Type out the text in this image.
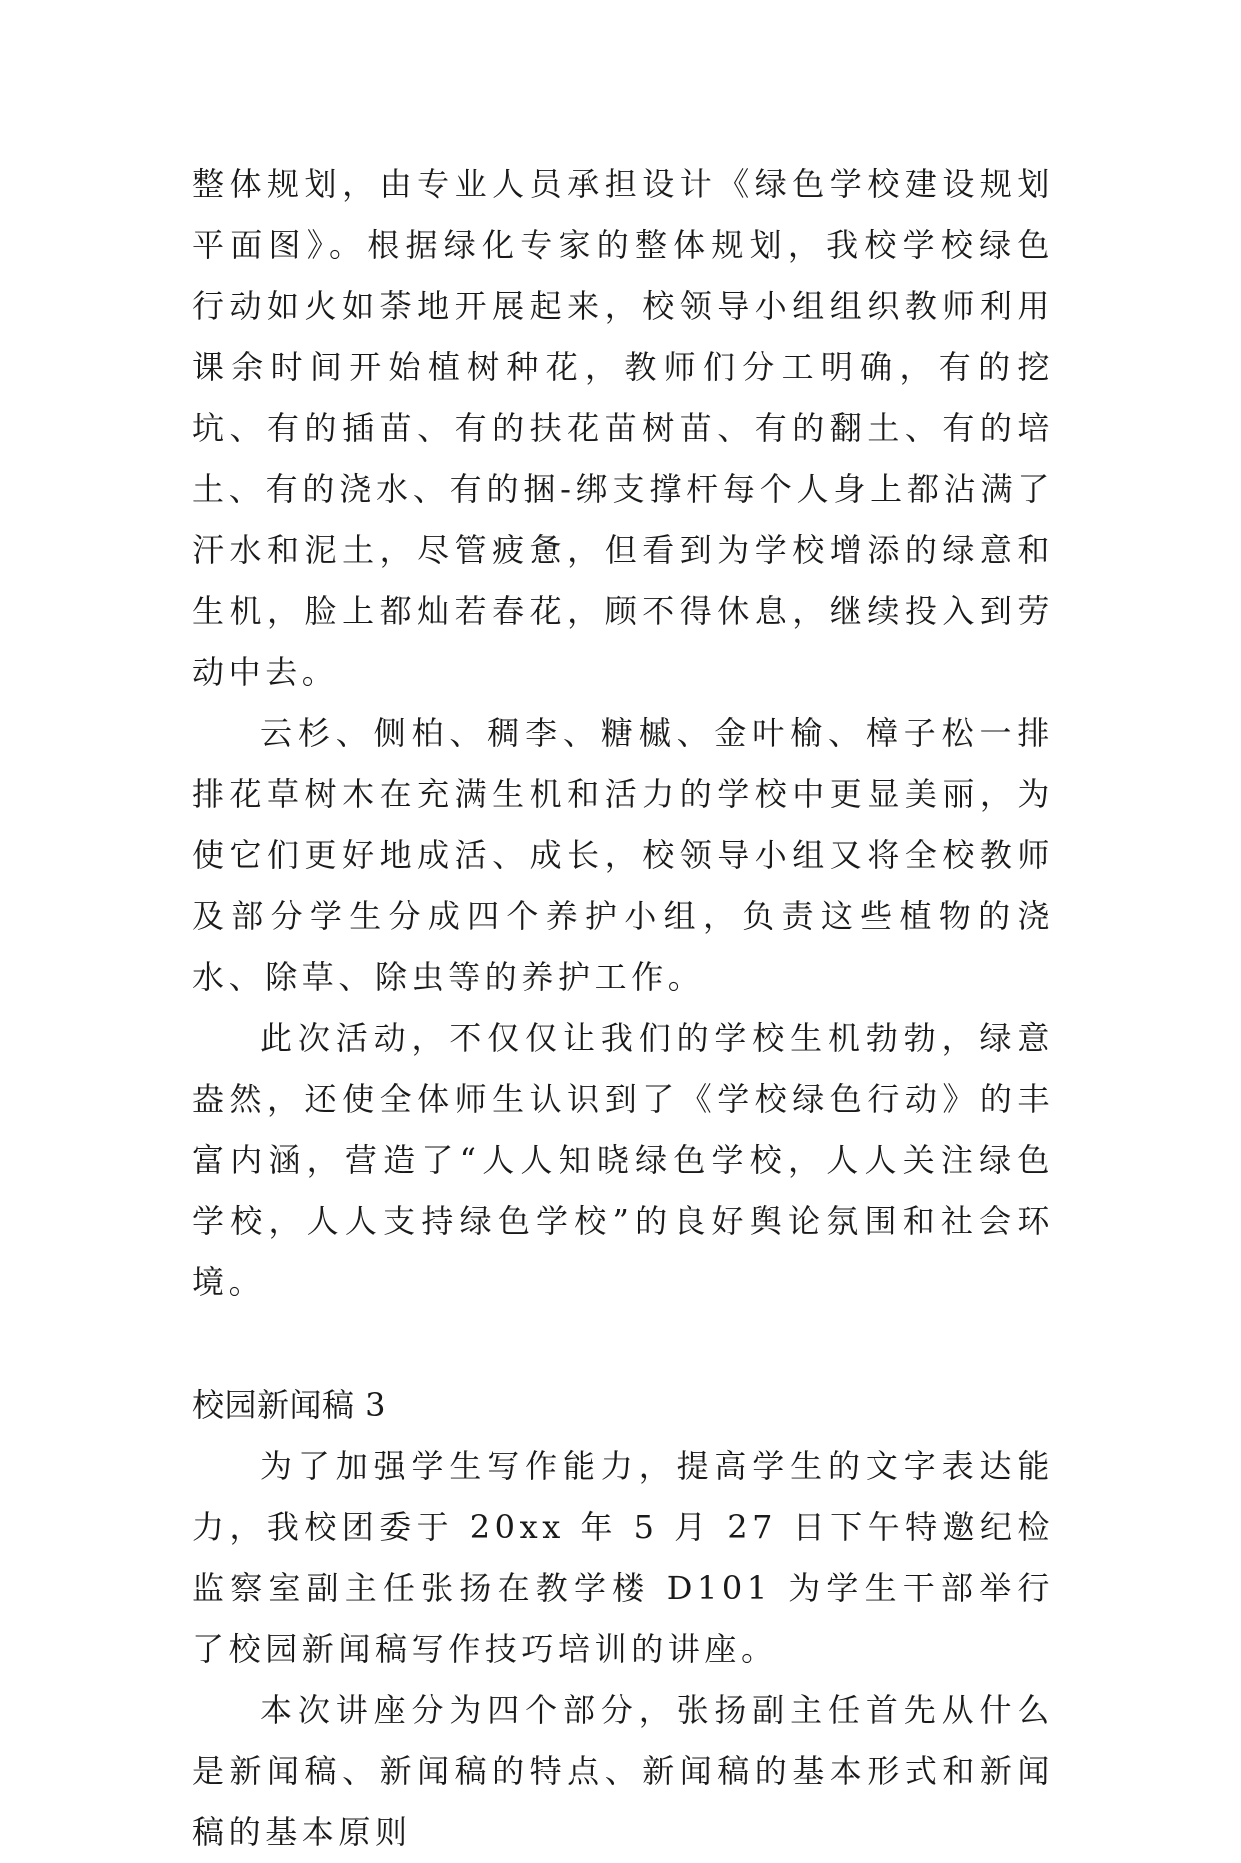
整体规划，由专业人员承担设计《绿色学校建设规划平面图》。根据绿化专家的整体规划，我校学校绿色行动如火如荼地开展起来，校领导小组组织教师利用课余时间开始植树种花，教师们分工明确，有的挖坑、有的插苗、有的扶花苗树苗、有的翻土、有的培土、有的浇水、有的捆-绑支撑杆每个人身上都沾满了汗水和泥土，尽管疲惫，但看到为学校增添的绿意和生机，脸上都灿若春花，顾不得休息，继续投入到劳动中去。

云杉、侧柏、稠李、糖槭、金叶榆、樟子松一排排花草树木在充满生机和活力的学校中更显美丽，为使它们更好地成活、成长，校领导小组又将全校教师及部分学生分成四个养护小组，负责这些植物的浇水、除草、除虫等的养护工作。

此次活动，不仅仅让我们的学校生机勃勃，绿意盎然，还使全体师生认识到了《学校绿色行动》的丰富内涵，营造了“人人知晓绿色学校，人人关注绿色学校，人人支持绿色学校”的良好舆论氛围和社会环境。

校园新闻稿 3

为了加强学生写作能力，提高学生的文字表达能力，我校团委于 20xx 年 5 月 27 日下午特邀纪检监察室副主任张扬在教学楼 D101 为学生干部举行了校园新闻稿写作技巧培训的讲座。

本次讲座分为四个部分，张扬副主任首先从什么是新闻稿、新闻稿的特点、新闻稿的基本形式和新闻稿的基本原则
